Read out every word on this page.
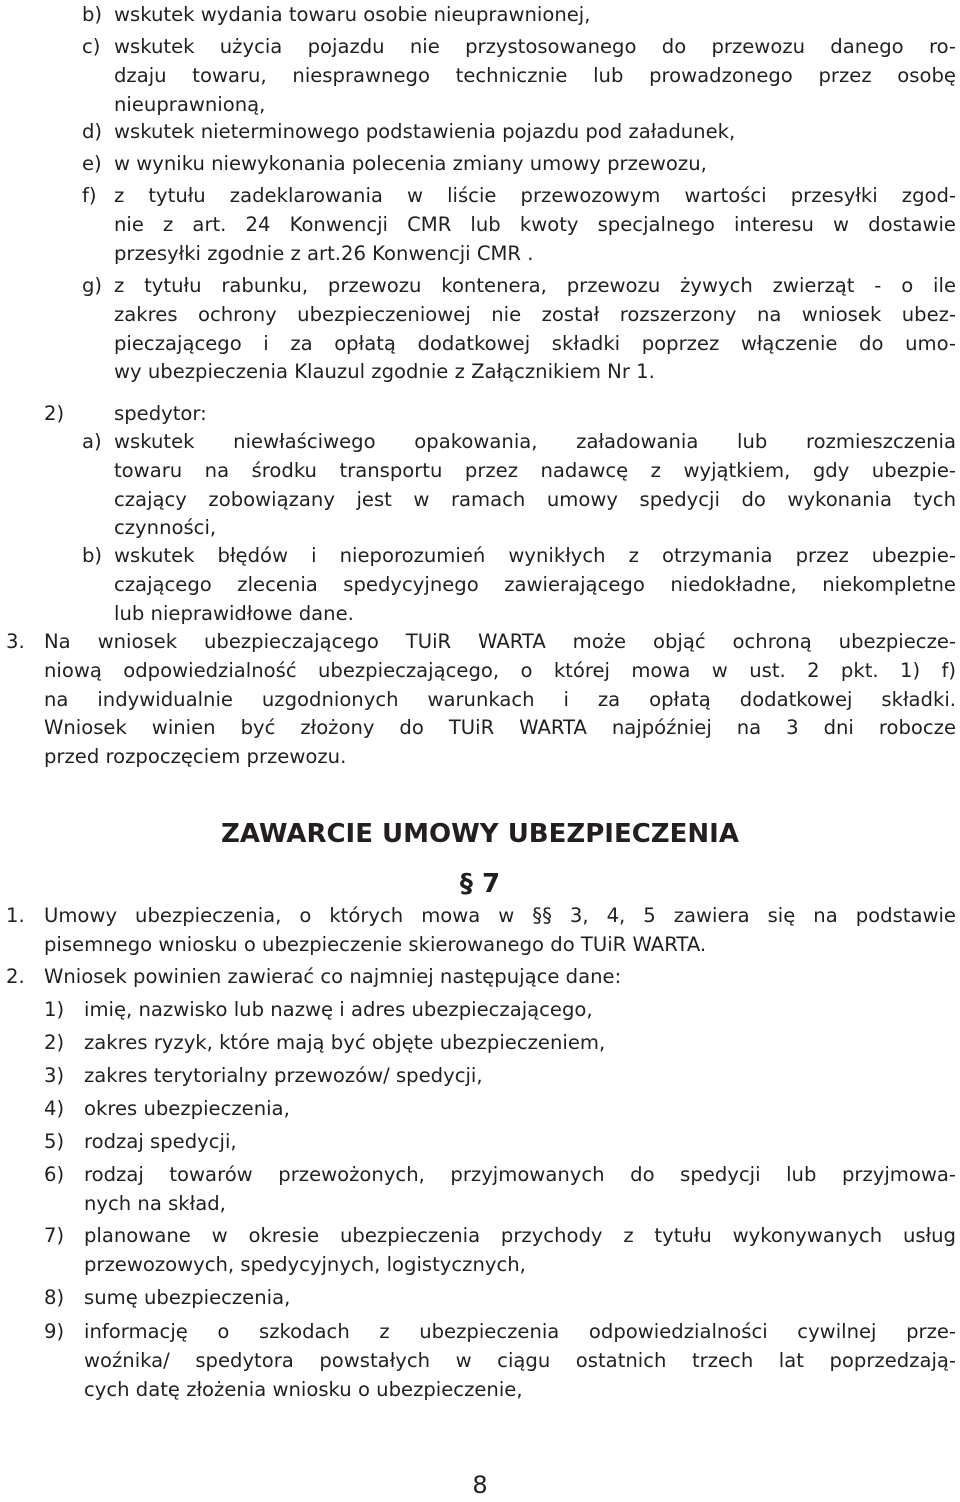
b) wskutek wydania towaru osobie nieuprawnionej,
c) wskutek użycia pojazdu nie przystosowanego do przewozu danego ro-
dzaju towaru, niesprawnego technicznie lub prowadzonego przez osobę
nieuprawnioną,
d) wskutek nieterminowego podstawienia pojazdu pod załadunek,
e) w wyniku niewykonania polecenia zmiany umowy przewozu,
f) z tytułu zadeklarowania w liście przewozowym wartości przesyłki zgod-
nie z art. 24 Konwencji CMR lub kwoty specjalnego interesu w dostawie
przesyłki zgodnie z art.26 Konwencji CMR .
g) z tytułu rabunku, przewozu kontenera, przewozu żywych zwierząt - o ile
zakres ochrony ubezpieczeniowej nie został rozszerzony na wniosek ubez-
pieczającego i za opłatą dodatkowej składki poprzez włączenie do umo-
wy ubezpieczenia Klauzul zgodnie z Załącznikiem Nr 1.
2)	spedytor:
a) wskutek niewłaściwego opakowania, załadowania lub rozmieszczenia
towaru na środku transportu przez nadawcę z wyjątkiem, gdy ubezpie-
czający zobowiązany jest w ramach umowy spedycji do wykonania tych
czynności,
b) wskutek błędów i nieporozumień wynikłych z otrzymania przez ubezpie-
czającego zlecenia spedycyjnego zawierającego niedokładne, niekompletne
lub nieprawidłowe dane.
3. Na wniosek ubezpieczającego TUiR WARTA może objąć ochroną ubezpiecze-
niową odpowiedzialność ubezpieczającego, o której mowa w ust. 2 pkt. 1) f)
na indywidualnie uzgodnionych warunkach i za opłatą dodatkowej składki.
Wniosek winien być złożony do TUiR WARTA najpóźniej na 3 dni robocze
przed rozpoczęciem przewozu.
ZAWARCIE UMOWY UBEZPIECZENIA
§ 7
1. Umowy ubezpieczenia, o których mowa w §§ 3, 4, 5 zawiera się na podstawie
pisemnego wniosku o ubezpieczenie skierowanego do TUiR WARTA.
2. Wniosek powinien zawierać co najmniej następujące dane:
1) imię, nazwisko lub nazwę i adres ubezpieczającego,
2) zakres ryzyk, które mają być objęte ubezpieczeniem,
3) zakres terytorialny przewozów/ spedycji,
4) okres ubezpieczenia,
5) rodzaj spedycji,
6) rodzaj towarów przewożonych, przyjmowanych do spedycji lub przyjmowa-
nych na skład,
7) planowane w okresie ubezpieczenia przychody z tytułu wykonywanych usług
przewozowych, spedycyjnych, logistycznych,
8) sumę ubezpieczenia,
9) informację o szkodach z ubezpieczenia odpowiedzialności cywilnej prze-
woźnika/ spedytora powstałych w ciągu ostatnich trzech lat poprzedzają-
cych datę złożenia wniosku o ubezpieczenie,
8
